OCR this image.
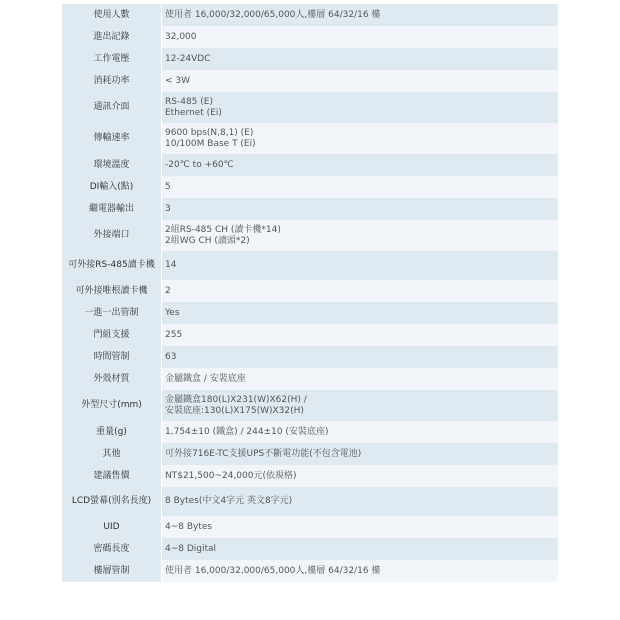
使用人數	使用者 16,000/32,000/65,000人,樓層 64/32/16 樓

進出記錄	32,000

工作電壓	12-24VDC

消耗功率	< 3W

通訊介面	RS-485 (E)
Ethernet (Ei)

傳輸速率	9600 bps(N,8,1) (E)
10/100M Base T (Ei)

環境溫度	-20℃ to +60℃

DI輸入(點)	5

繼電器輸出	3

外接端口	2組RS-485 CH (讀卡機*14)
2組WG CH (讀頭*2)

可外接RS-485讀卡機	14

可外接唯根讀卡機	2

一進一出管制	Yes

門組支援	255

時間管制	63

外殼材質	金屬鐵盒 / 安裝底座

外型尺寸(mm)	金屬鐵盒180(L)X231(W)X62(H) /
安裝底座:130(L)X175(W)X32(H)

重量(g)	1,754±10 (鐵盒) / 244±10 (安裝底座)

其他	可外接716E-TC支援UPS不斷電功能(不包含電池)

建議售價	NT$21,500~24,000元(依規格)

LCD螢幕(別名長度)	8 Bytes(中文4字元 英文8字元)

UID	4~8 Bytes

密碼長度	4~8 Digital

樓層管制	使用者 16,000/32,000/65,000人,樓層 64/32/16 樓
